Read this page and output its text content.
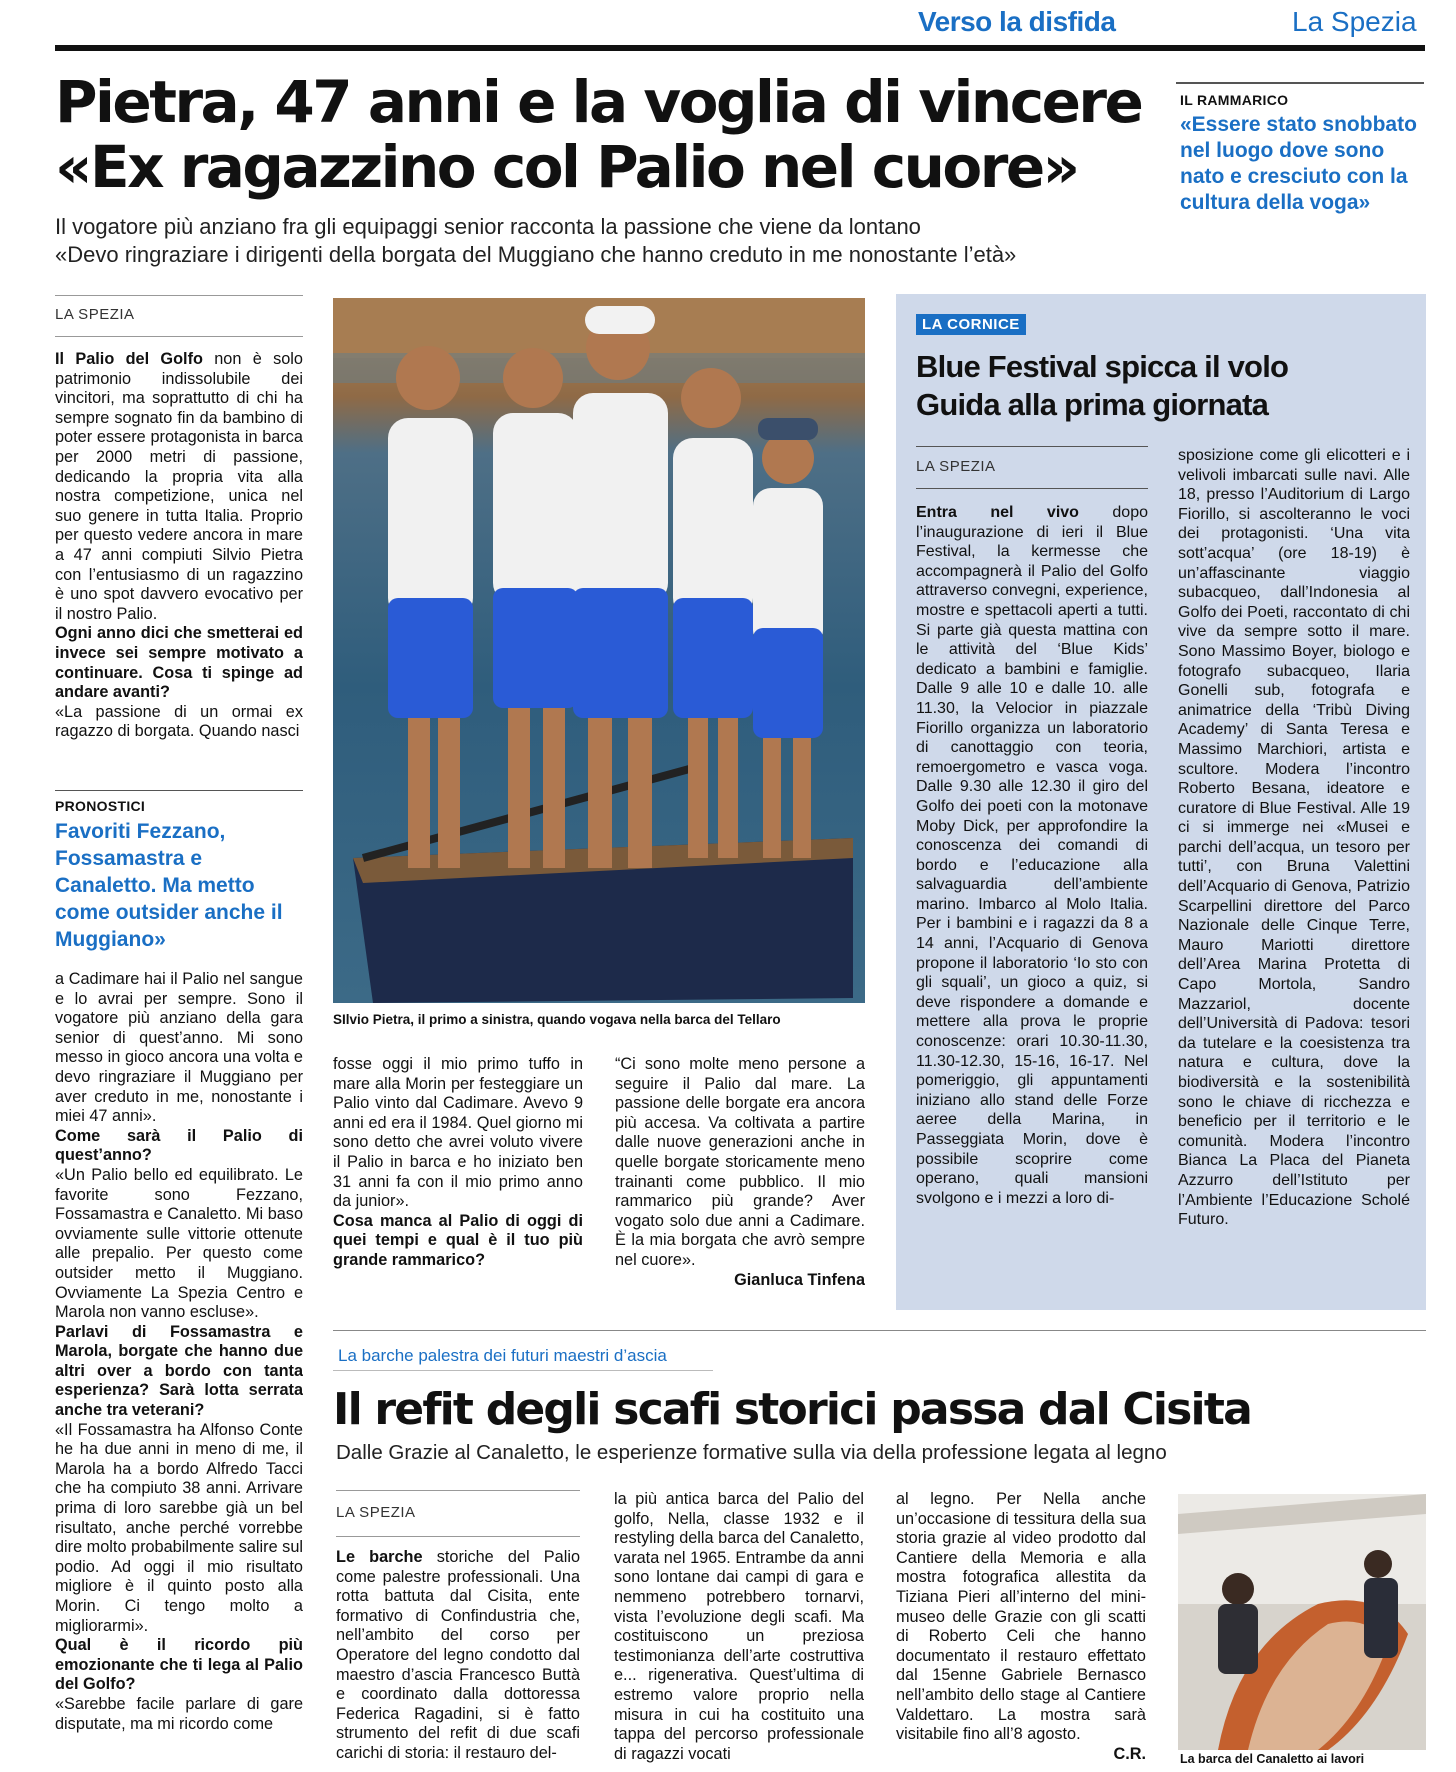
Verso la disfida	La Spezia
Pietra, 47 anni e la voglia di vincere
«Ex ragazzino col Palio nel cuore»
Il vogatore più anziano fra gli equipaggi senior racconta la passione che viene da lontano
«Devo ringraziare i dirigenti della borgata del Muggiano che hanno creduto in me nonostante l’età»
IL RAMMARICO
«Essere stato snobbato nel luogo dove sono nato e cresciuto con la cultura della voga»
LA SPEZIA

Il Palio del Golfo non è solo patrimonio indissolubile dei vincitori, ma soprattutto di chi ha sempre sognato fin da bambino di poter essere protagonista in barca per 2000 metri di passione, dedicando la propria vita alla nostra competizione, unica nel suo genere in tutta Italia. Proprio per questo vedere ancora in mare a 47 anni compiuti Silvio Pietra con l’entusiasmo di un ragazzino è uno spot davvero evocativo per il nostro Palio.

Ogni anno dici che smetterai ed invece sei sempre motivato a continuare. Cosa ti spinge ad andare avanti?

«La passione di un ormai ex ragazzo di borgata. Quando nasci

PRONOSTICI
Favoriti Fezzano, Fossamastra e Canaletto. Ma metto come outsider anche il Muggiano»

a Cadimare hai il Palio nel sangue e lo avrai per sempre. Sono il vogatore più anziano della gara senior di quest’anno. Mi sono messo in gioco ancora una volta e devo ringraziare il Muggiano per aver creduto in me, nonostante i miei 47 anni».

Come sarà il Palio di quest’anno?

«Un Palio bello ed equilibrato. Le favorite sono Fezzano, Fossamastra e Canaletto. Mi baso ovviamente sulle vittorie ottenute alle prepalio. Per questo come outsider metto il Muggiano. Ovviamente La Spezia Centro e Marola non vanno escluse».

Parlavi di Fossamastra e Marola, borgate che hanno due altri over a bordo con tanta esperienza? Sarà lotta serrata anche tra veterani?

«Il Fossamastra ha Alfonso Conte he ha due anni in meno di me, il Marola ha a bordo Alfredo Tacci che ha compiuto 38 anni. Arrivare prima di loro sarebbe già un bel risultato, anche perché vorrebbe dire molto probabilmente salire sul podio. Ad oggi il mio risultato migliore è il quinto posto alla Morin. Ci tengo molto a migliorarmi».

Qual è il ricordo più emozionante che ti lega al Palio del Golfo?

«Sarebbe facile parlare di gare disputate, ma mi ricordo come

SIlvio Pietra, il primo a sinistra, quando vogava nella barca del Tellaro

fosse oggi il mio primo tuffo in mare alla Morin per festeggiare un Palio vinto dal Cadimare. Avevo 9 anni ed era il 1984. Quel giorno mi sono detto che avrei voluto vivere il Palio in barca e ho iniziato ben 31 anni fa con il mio primo anno da junior».

Cosa manca al Palio di oggi di quei tempi e qual è il tuo più grande rammarico?

“Ci sono molte meno persone a seguire il Palio dal mare. La passione delle borgate era ancora più accesa. Va coltivata a partire dalle nuove generazioni anche in quelle borgate storicamente meno trainanti come pubblico. Il mio rammarico più grande? Aver vogato solo due anni a Cadimare. È la mia borgata che avrò sempre nel cuore».

Gianluca Tinfena

LA CORNICE
Blue Festival spicca il volo
Guida alla prima giornata
LA SPEZIA

Entra nel vivo dopo l’inaugurazione di ieri il Blue Festival, la kermesse che accompagnerà il Palio del Golfo attraverso convegni, experience, mostre e spettacoli aperti a tutti. Si parte già questa mattina con le attività del ‘Blue Kids’ dedicato a bambini e famiglie. Dalle 9 alle 10 e dalle 10. alle 11.30, la Velocior in piazzale Fiorillo organizza un laboratorio di canottaggio con teoria, remoergometro e vasca voga. Dalle 9.30 alle 12.30 il giro del Golfo dei poeti con la motonave Moby Dick, per approfondire la conoscenza dei comandi di bordo e l’educazione alla salvaguardia dell’ambiente marino. Imbarco al Molo Italia. Per i bambini e i ragazzi da 8 a 14 anni, l’Acquario di Genova propone il laboratorio ‘Io sto con gli squali’, un gioco a quiz, si deve rispondere a domande e mettere alla prova le proprie conoscenze: orari 10.30-11.30, 11.30-12.30, 15-16, 16-17. Nel pomeriggio, gli appuntamenti iniziano allo stand delle Forze aeree della Marina, in Passeggiata Morin, dove è possibile scoprire come operano, quali mansioni svolgono e i mezzi a loro di-

sposizione come gli elicotteri e i velivoli imbarcati sulle navi. Alle 18, presso l’Auditorium di Largo Fiorillo, si ascolteranno le voci dei protagonisti. ‘Una vita sott’acqua’ (ore 18-19) è un’affascinante viaggio subacqueo, dall’Indonesia al Golfo dei Poeti, raccontato di chi vive da sempre sotto il mare. Sono Massimo Boyer, biologo e fotografo subacqueo, Ilaria Gonelli sub, fotografa e animatrice della ‘Tribù Diving Academy’ di Santa Teresa e Massimo Marchiori, artista e scultore. Modera l’incontro Roberto Besana, ideatore e curatore di Blue Festival. Alle 19 ci si immerge nei «Musei e parchi dell’acqua, un tesoro per tutti’, con Bruna Valettini dell’Acquario di Genova, Patrizio Scarpellini direttore del Parco Nazionale delle Cinque Terre, Mauro Mariotti direttore dell’Area Marina Protetta di Capo Mortola, Sandro Mazzariol, docente dell’Università di Padova: tesori da tutelare e la coesistenza tra natura e cultura, dove la biodiversità e la sostenibilità sono le chiave di ricchezza e beneficio per il territorio e le comunità. Modera l’incontro Bianca La Placa del Pianeta Azzurro dell’Istituto per l’Ambiente l’Educazione Scholé Futuro.

La barche palestra dei futuri maestri d’ascia
Il refit degli scafi storici passa dal Cisita
Dalle Grazie al Canaletto, le esperienze formative sulla via della professione legata al legno
LA SPEZIA

Le barche storiche del Palio come palestre professionali. Una rotta battuta dal Cisita, ente formativo di Confindustria che, nell’ambito del corso per Operatore del legno condotto dal maestro d’ascia Francesco Buttà e coordinato dalla dottoressa Federica Ragadini, si è fatto strumento del refit di due scafi carichi di storia: il restauro del-

la più antica barca del Palio del golfo, Nella, classe 1932 e il restyling della barca del Canaletto, varata nel 1965. Entrambe da anni sono lontane dai campi di gara e nemmeno potrebbero tornarvi, vista l’evoluzione degli scafi. Ma costituiscono un preziosa testimonianza dell’arte costruttiva e... rigenerativa. Quest’ultima di estremo valore proprio nella misura in cui ha costituito una tappa del percorso professionale di ragazzi vocati

al legno. Per Nella anche un’occasione di tessitura della sua storia grazie al video prodotto dal Cantiere della Memoria e alla mostra fotografica allestita da Tiziana Pieri all’interno del mini-museo delle Grazie con gli scatti di Roberto Celi che hanno documentato il restauro effettato dal 15enne Gabriele Bernasco nell’ambito dello stage al Cantiere Valdettaro. La mostra sarà visitabile fino all’8 agosto.

C.R.	La barca del Canaletto ai lavori
